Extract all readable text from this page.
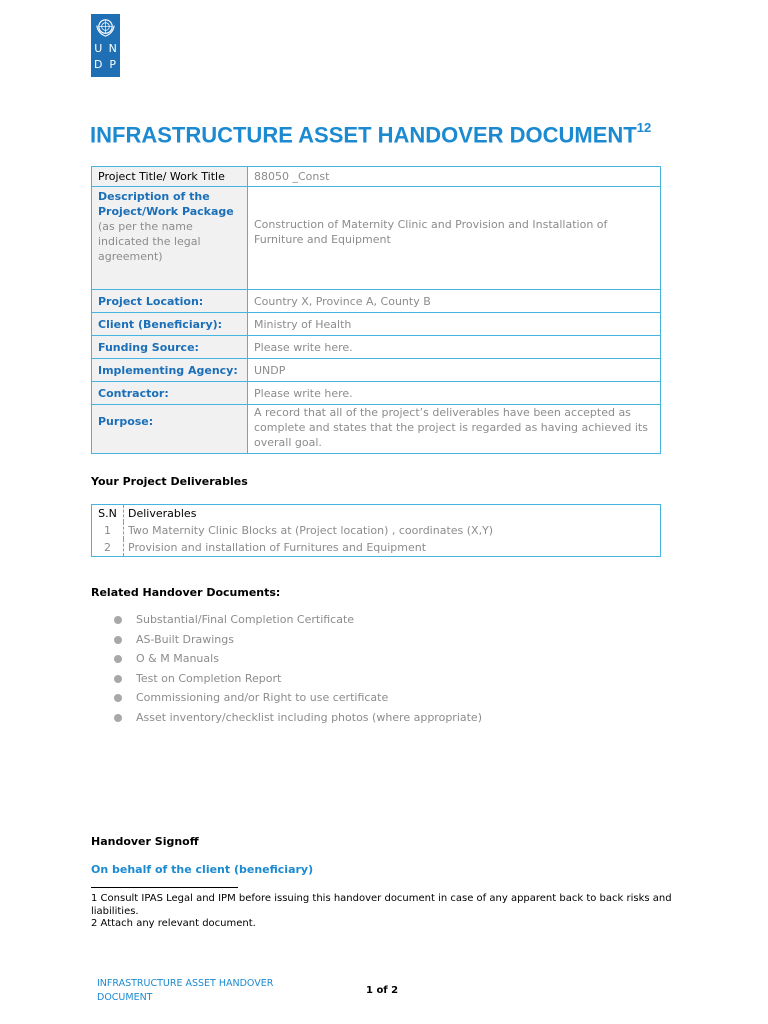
U N
D P
INFRASTRUCTURE ASSET HANDOVER DOCUMENT$^{12}$
Project Title/ Work Title	88050 _Const
Description of the Project/Work Package
(as per the name indicated the legal agreement)	Construction of Maternity Clinic and Provision and Installation of Furniture and Equipment
Project Location:	Country X, Province A, County B
Client (Beneficiary):	Ministry of Health
Funding Source:	Please write here.
Implementing Agency:	UNDP
Contractor:	Please write here.
Purpose:	A record that all of the project’s deliverables have been accepted as complete and states that the project is regarded as having achieved its overall goal.
Your Project Deliverables
S.N	Deliverables
1	Two Maternity Clinic Blocks at (Project location) , coordinates (X,Y)
2	Provision and installation of Furnitures and Equipment
Related Handover Documents:
Substantial/Final Completion Certificate
AS-Built Drawings
O & M Manuals
Test on Completion Report
Commissioning and/or Right to use certificate
Asset inventory/checklist including photos (where appropriate)
Handover Signoff
On behalf of the client (beneficiary)
1 Consult IPAS Legal and IPM before issuing this handover document in case of any apparent back to back risks and liabilities.
2 Attach any relevant document.
INFRASTRUCTURE ASSET HANDOVER DOCUMENT
1 of 2
